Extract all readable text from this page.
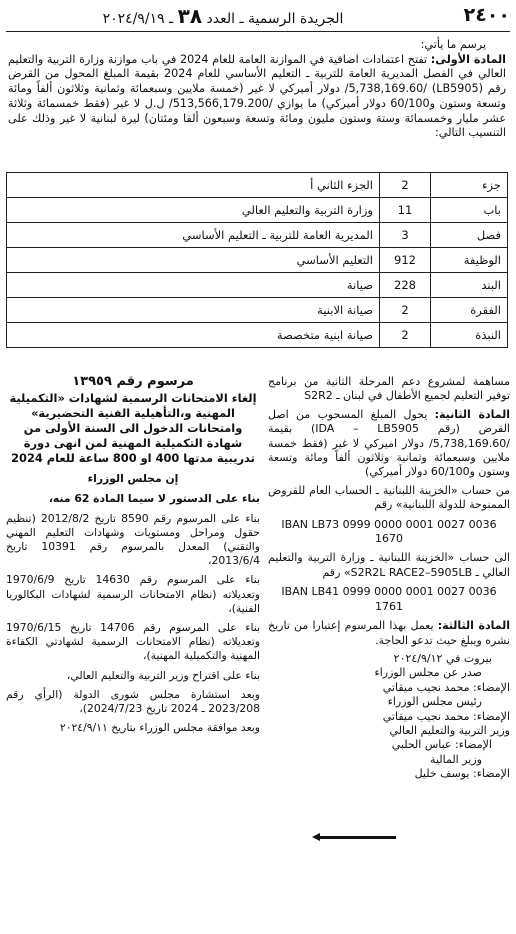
٢٤٠٠
الجريدة الرسمية ـ العدد ٣٨ ـ ٢٠٢٤/٩/١٩

يرسم ما يأتي:

المادة الأولى: تفتح اعتمادات اضافية في الموازنة العامة للعام 2024 في باب موازنة وزارة التربية والتعليم العالي في الفصل المديرية العامة للتربية ـ التعليم الأساسي للعام 2024 بقيمة المبلغ المحول من القرض رقم (LB5905) /5,738,169.60/ دولار أميركي لا غير (خمسة ملايين وسبعمائة وثمانية وثلاثون ألفاً ومائة وتسعة وستون و60/100 دولار أميركي) ما يوازي /513,566,179.200/ ل.ل لا غير (فقط خمسمائة وثلاثة عشر مليار وخمسمائة وستة وستون مليون ومائة وتسعة وسبعون ألفا ومئتان) ليرة لبنانية لا غير وذلك على التنسيب التالي:

جزء	2	الجزء الثاني أ
باب	11	وزارة التربية والتعليم العالي
فصل	3	المديرية العامة للتربية ـ التعليم الأساسي
الوظيفة	912	التعليم الأساسي
البند	228	صيانة
الفقرة	2	صيانة الابنية
النبذة	2	صيانة ابنية متخصصة

مساهمة لمشروع دعم المرحلة الثانية من برنامج توفير التعليم لجميع الأطفال في لبنان ـ S2R2

المادة الثانية: يحول المبلغ المسحوب من اصل القرض (رقم IDA – LB5905) بقيمة /5,738,169.60/ دولار اميركي لا غير (فقط خمسة ملايين وسبعمائة وثمانية وثلاثون ألفاً ومائة وتسعة وستون و60/100 دولار أميركي)

من حساب «الخزينة اللبنانية ـ الحساب العام للقروض الممنوحة للدولة اللبنانية» رقم

IBAN LB73 0999 0000 0001 0027 0036 1670

الى حساب «الخزينة اللبنانية ـ وزارة التربية والتعليم العالي ـ S2R2L RACE2–5905LB» رقم

IBAN LB41 0999 0000 0001 0027 0036 1761

المادة الثالثة: يعمل بهذا المرسوم إعتبارا من تاريخ نشره ويبلغ حيث تدعو الحاجة.

بيروت في ٢٠٢٤/٩/١٢

صدر عن مجلس الوزراء

الإمضاء: محمد نجيب ميقاتي

رئيس مجلس الوزراء

الإمضاء: محمد نجيب ميقاتي

وزير التربية والتعليم العالي

الإمضاء: عباس الحلبي

وزير المالية

الإمضاء: يوسف خليل

مرسوم رقم ١٣٩٥٩

إلغاء الامتحانات الرسمية لشهادات «التكميلية المهنية و،التأهيلية الفنية التحضيرية» وامتحانات الدخول الى السنة الأولى من شهادة التكميلية المهنية لمن انهى دورة تدريبية مدتها 400 او 800 ساعة للعام 2024

إن مجلس الوزراء

بناء على الدستور لا سيما المادة 62 منه،

بناء على المرسوم رقم 8590 تاريخ 2012/8/2 (تنظيم حقول ومراحل ومستويات وشهادات التعليم المهني والتقني) المعدل بالمرسوم رقم 10391 تاريخ 2013/6/4،

بناء على المرسوم رقم 14630 تاريخ 1970/6/9 وتعديلاته (نظام الامتحانات الرسمية لشهادات البكالوريا الفنية)،

بناء على المرسوم رقم 14706 تاريخ 1970/6/15 وتعديلاته (نظام الامتحانات الرسمية لشهادتي الكفاءة المهنية والتكميلية المهنية)،

بناء على اقتراح وزير التربية والتعليم العالي،

وبعد استشارة مجلس شورى الدولة (الرأي رقم 2023/208 ـ 2024 تاريخ 2024/7/23)،

وبعد موافقة مجلس الوزراء بتاريخ ٢٠٢٤/٩/١١
